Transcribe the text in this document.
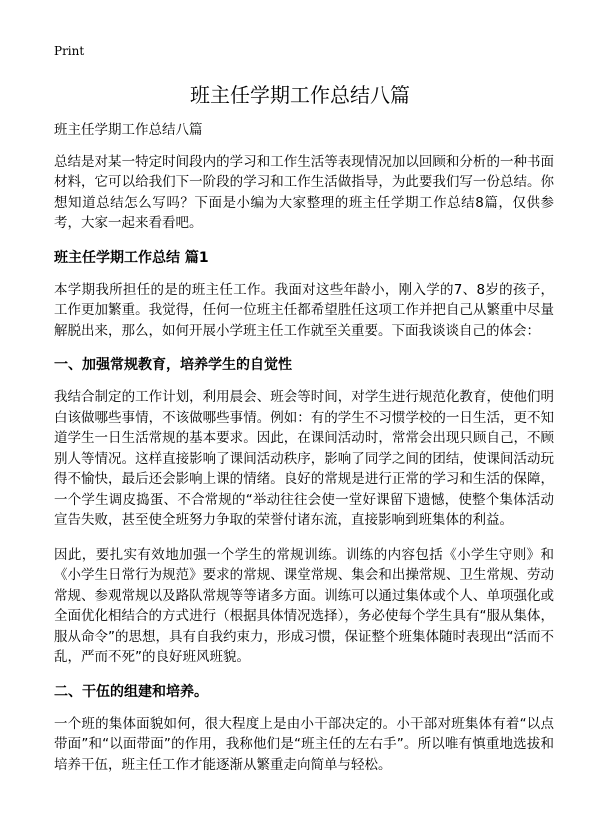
Print
班主任学期工作总结八篇

班主任学期工作总结八篇

总结是对某一特定时间段内的学习和工作生活等表现情况加以回顾和分析的一种书面材料，它可以给我们下一阶段的学习和工作生活做指导，为此要我们写一份总结。你想知道总结怎么写吗？下面是小编为大家整理的班主任学期工作总结8篇，仅供参考，大家一起来看看吧。

班主任学期工作总结 篇1

本学期我所担任的是的班主任工作。我面对这些年龄小，刚入学的7、8岁的孩子，工作更加繁重。我觉得，任何一位班主任都希望胜任这项工作并把自己从繁重中尽量解脱出来，那么，如何开展小学班主任工作就至关重要。下面我谈谈自己的体会：

一、加强常规教育，培养学生的自觉性

我结合制定的工作计划，利用晨会、班会等时间，对学生进行规范化教育，使他们明白该做哪些事情，不该做哪些事情。例如：有的学生不习惯学校的一日生活，更不知道学生一日生活常规的基本要求。因此，在课间活动时，常常会出现只顾自己，不顾别人等情况。这样直接影响了课间活动秩序，影响了同学之间的团结，使课间活动玩得不愉快，最后还会影响上课的情绪。良好的常规是进行正常的学习和生活的保障，一个学生调皮捣蛋、不合常规的“举动往往会使一堂好课留下遗憾，使整个集体活动宣告失败，甚至使全班努力争取的荣誉付诸东流，直接影响到班集体的利益。

因此，要扎实有效地加强一个学生的常规训练。训练的内容包括《小学生守则》和《小学生日常行为规范》要求的常规、课堂常规、集会和出操常规、卫生常规、劳动常规、参观常规以及路队常规等等诸多方面。训练可以通过集体或个人、单项强化或全面优化相结合的方式进行（根据具体情况选择），务必使每个学生具有“服从集体，服从命令”的思想，具有自我约束力，形成习惯，保证整个班集体随时表现出“活而不乱，严而不死”的良好班风班貌。

二、干伍的组建和培养。

一个班的集体面貌如何，很大程度上是由小干部决定的。小干部对班集体有着“以点带面”和“以面带面”的作用，我称他们是“班主任的左右手”。所以唯有慎重地选拔和培养干伍，班主任工作才能逐渐从繁重走向简单与轻松。
